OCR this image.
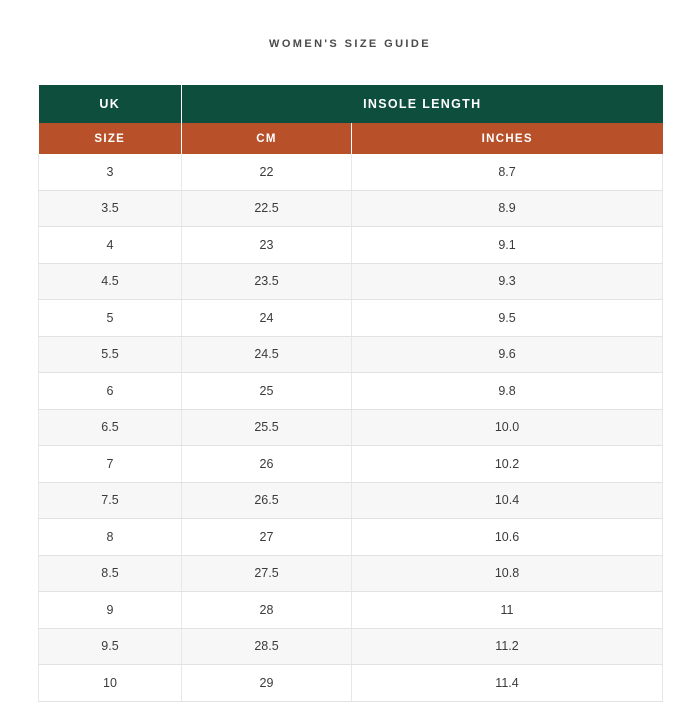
WOMEN'S SIZE GUIDE
UK	INSOLE LENGTH	
SIZE	CM	INCHES
3	22	8.7
3.5	22.5	8.9
4	23	9.1
4.5	23.5	9.3
5	24	9.5
5.5	24.5	9.6
6	25	9.8
6.5	25.5	10.0
7	26	10.2
7.5	26.5	10.4
8	27	10.6
8.5	27.5	10.8
9	28	11
9.5	28.5	11.2
10	29	11.4
